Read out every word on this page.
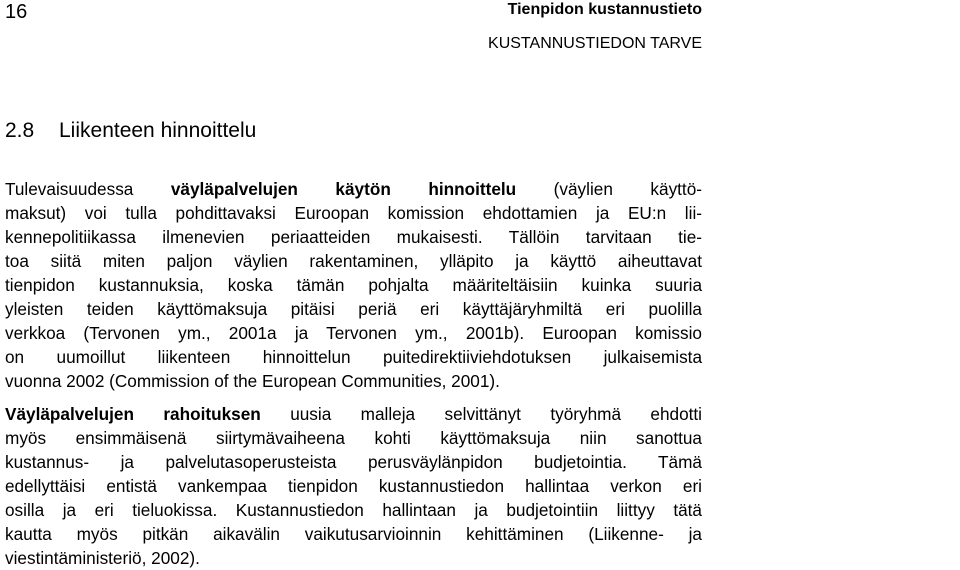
16	Tienpidon kustannustieto
KUSTANNUSTIEDON TARVE
2.8 Liikenteen hinnoittelu
Tulevaisuudessa väyläpalvelujen käytön hinnoittelu (väylien käyttö-
maksut) voi tulla pohdittavaksi Euroopan komission ehdottamien ja EU:n lii-
kennepolitiikassa ilmenevien periaatteiden mukaisesti. Tällöin tarvitaan tie-
toa siitä miten paljon väylien rakentaminen, ylläpito ja käyttö aiheuttavat
tienpidon kustannuksia, koska tämän pohjalta määriteltäisiin kuinka suuria
yleisten teiden käyttömaksuja pitäisi periä eri käyttäjäryhmiltä eri puolilla
verkkoa (Tervonen ym., 2001a ja Tervonen ym., 2001b). Euroopan komissio
on uumoillut liikenteen hinnoittelun puitedirektiiviehdotuksen julkaisemista
vuonna 2002 (Commission of the European Communities, 2001).
Väyläpalvelujen rahoituksen uusia malleja selvittänyt työryhmä ehdotti
myös ensimmäisenä siirtymävaiheena kohti käyttömaksuja niin sanottua
kustannus- ja palvelutasoperusteista perusväylänpidon budjetointia. Tämä
edellyttäisi entistä vankempaa tienpidon kustannustiedon hallintaa verkon eri
osilla ja eri tieluokissa. Kustannustiedon hallintaan ja budjetointiin liittyy tätä
kautta myös pitkän aikavälin vaikutusarvioinnin kehittäminen (Liikenne- ja
viestintäministeriö, 2002).
